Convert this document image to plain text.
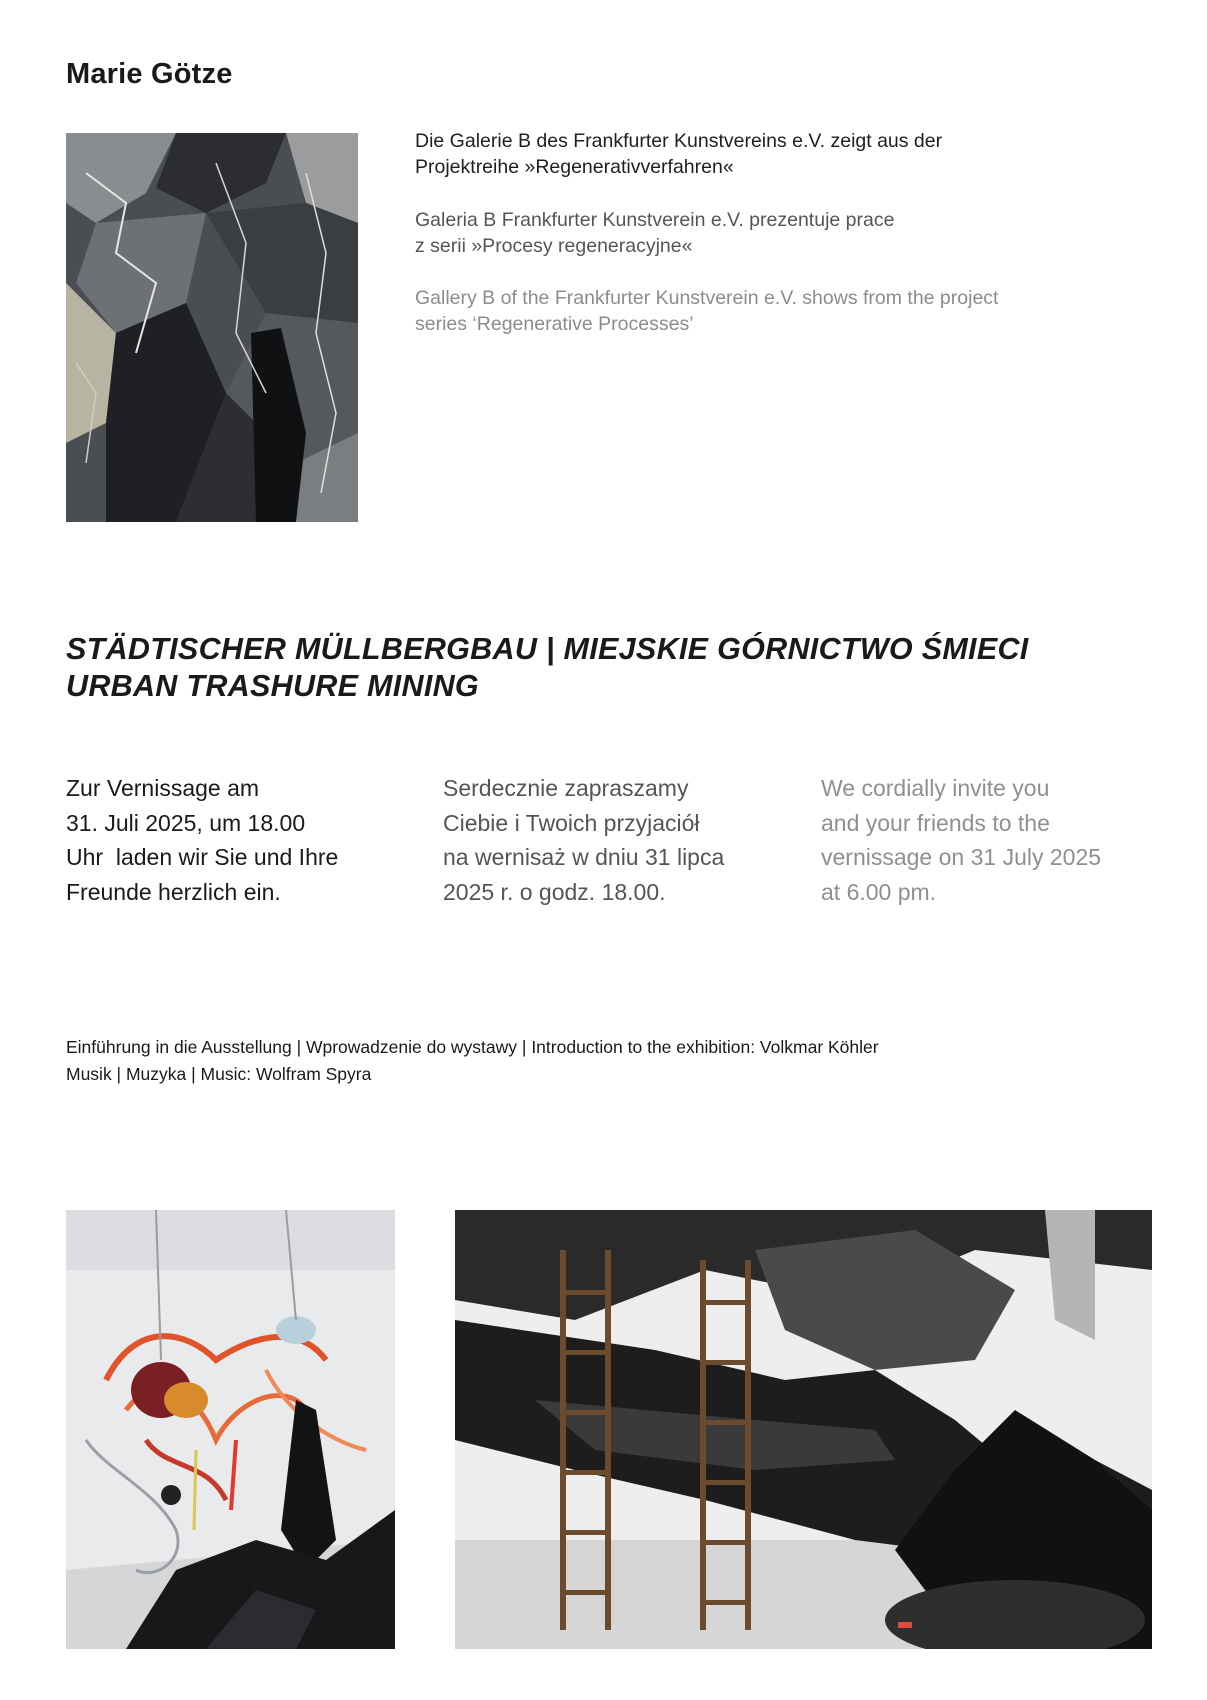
Marie Götze
Die Galerie B des Frankfurter Kunstvereins e.V. zeigt aus der
Projektreihe »Regenerativverfahren«
Galeria B Frankfurter Kunstverein e.V. prezentuje prace
z serii »Procesy regeneracyjne«
Gallery B of the Frankfurter Kunstverein e.V. shows from the project
series ‘Regenerative Processes’
STÄDTISCHER MÜLLBERGBAU | MIEJSKIE GÓRNICTWO ŚMIECI
URBAN TRASHURE MINING
Zur Vernissage am
31. Juli 2025, um 18.00
Uhr  laden wir Sie und Ihre
Freunde herzlich ein.
Serdecznie zapraszamy
Ciebie i Twoich przyjaciół
na wernisaż w dniu 31 lipca
2025 r. o godz. 18.00.
We cordially invite you
and your friends to the
vernissage on 31 July 2025
at 6.00 pm.
Einführung in die Ausstellung | Wprowadzenie do wystawy | Introduction to the exhibition: Volkmar Köhler
Musik | Muzyka | Music: Wolfram Spyra
